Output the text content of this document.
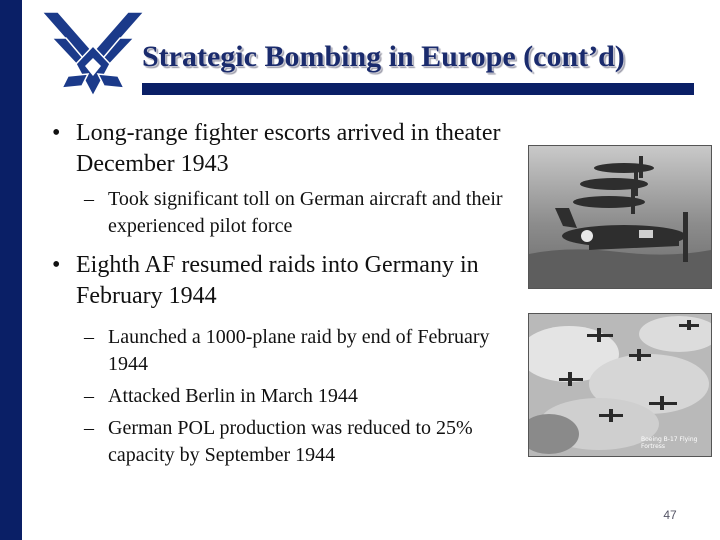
Strategic Bombing in Europe (cont’d)

• Long-range fighter escorts arrived in theater December 1943

– Took significant toll on German aircraft and their experienced pilot force

• Eighth AF resumed raids into Germany in February 1944

– Launched a 1000-plane raid by end of February 1944

– Attacked Berlin in March 1944

– German POL production was reduced to 25% capacity by September 1944

Boeing B-17 Flying Fortress
47
